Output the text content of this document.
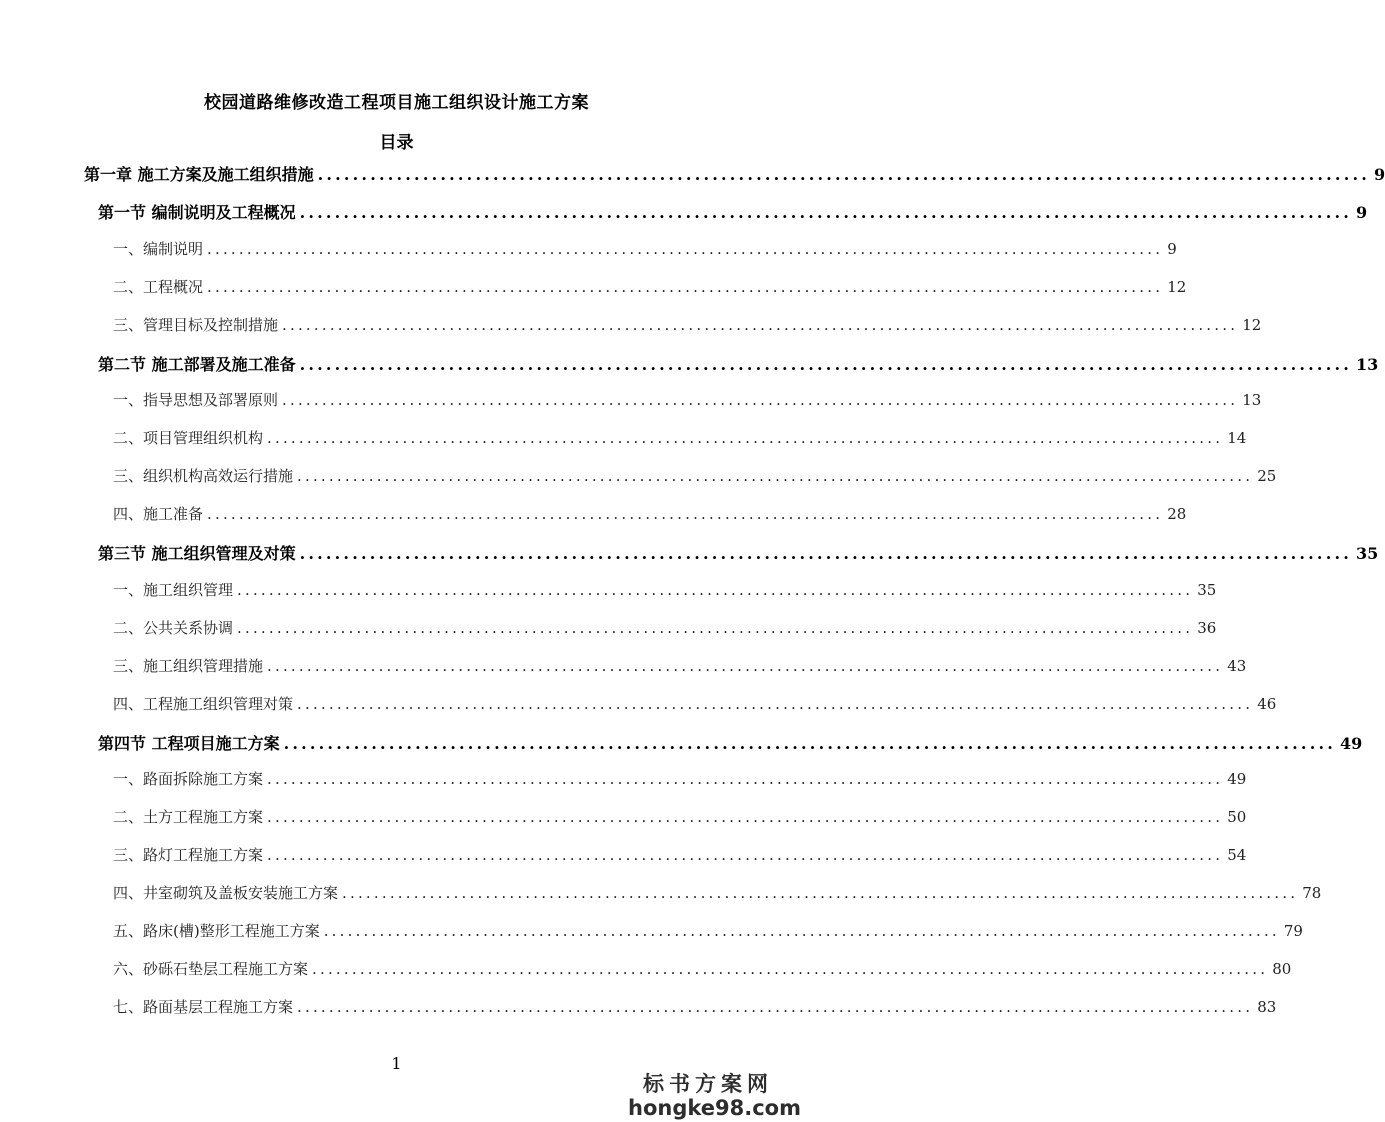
校园道路维修改造工程项目施工组织设计施工方案
目录
第一章 施工方案及施工组织措施 ........................................................................................................................ 9
第一节 编制说明及工程概况 ........................................................................................................................ 9
一、编制说明 ........................................................................................................................ 9
二、工程概况 ........................................................................................................................ 12
三、管理目标及控制措施 ........................................................................................................................ 12
第二节 施工部署及施工准备 ........................................................................................................................ 13
一、指导思想及部署原则 ........................................................................................................................ 13
二、项目管理组织机构 ........................................................................................................................ 14
三、组织机构高效运行措施 ........................................................................................................................ 25
四、施工准备 ........................................................................................................................ 28
第三节 施工组织管理及对策 ........................................................................................................................ 35
一、施工组织管理 ........................................................................................................................ 35
二、公共关系协调 ........................................................................................................................ 36
三、施工组织管理措施 ........................................................................................................................ 43
四、工程施工组织管理对策 ........................................................................................................................ 46
第四节 工程项目施工方案 ........................................................................................................................ 49
一、路面拆除施工方案 ........................................................................................................................ 49
二、土方工程施工方案 ........................................................................................................................ 50
三、路灯工程施工方案 ........................................................................................................................ 54
四、井室砌筑及盖板安装施工方案 ........................................................................................................................ 78
五、路床(槽)整形工程施工方案 ........................................................................................................................ 79
六、砂砾石垫层工程施工方案 ........................................................................................................................ 80
七、路面基层工程施工方案 ........................................................................................................................ 83
1
标书方案网
hongke98.com
